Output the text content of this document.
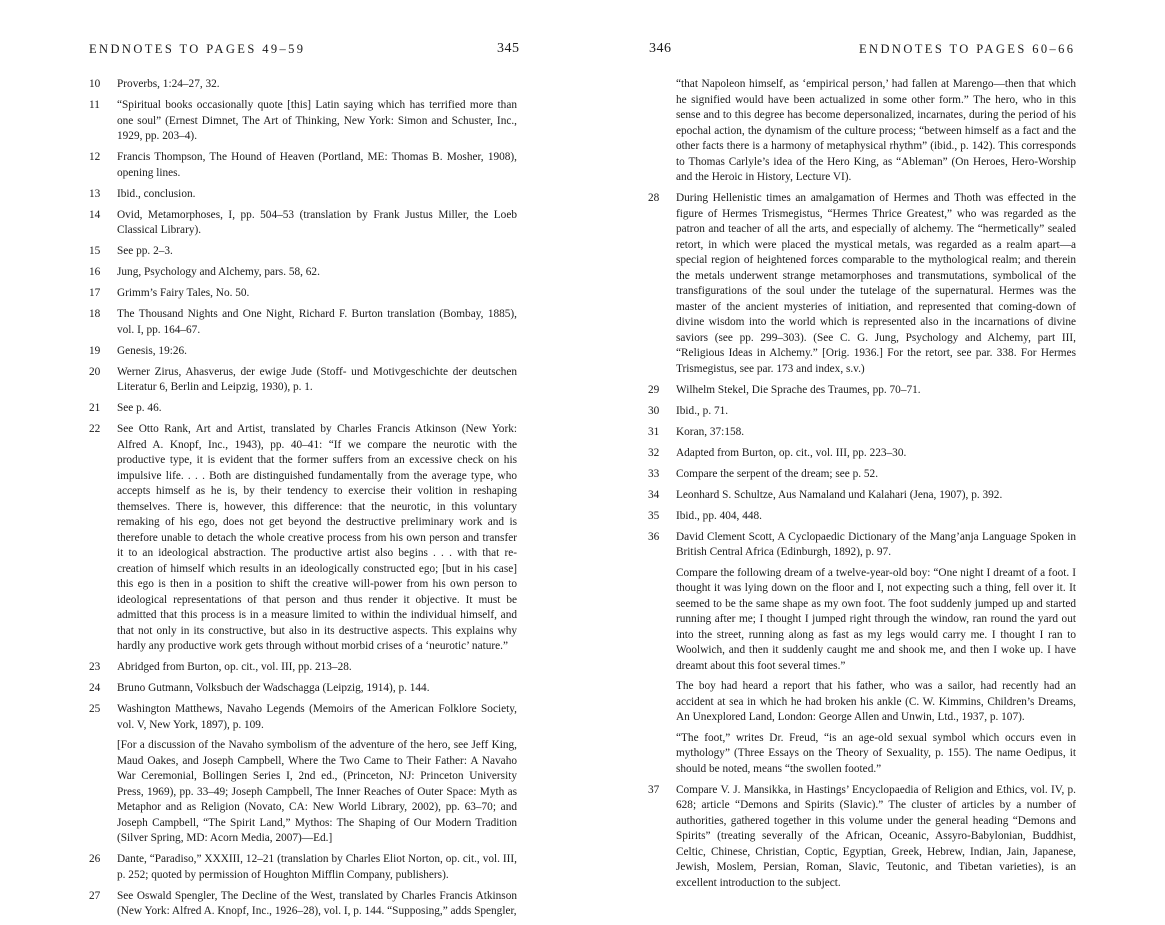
ENDNOTES TO PAGES 49–59	345
10	Proverbs, 1:24–27, 32.

11	“Spiritual books occasionally quote [this] Latin saying which has terrified more than one soul” (Ernest Dimnet, The Art of Thinking, New York: Simon and Schuster, Inc., 1929, pp. 203–4).

12	Francis Thompson, The Hound of Heaven (Portland, ME: Thomas B. Mosher, 1908), opening lines.

13	Ibid., conclusion.

14	Ovid, Metamorphoses, I, pp. 504–53 (translation by Frank Justus Miller, the Loeb Classical Library).

15	See pp. 2–3.

16	Jung, Psychology and Alchemy, pars. 58, 62.

17	Grimm’s Fairy Tales, No. 50.

18	The Thousand Nights and One Night, Richard F. Burton translation (Bombay, 1885), vol. I, pp. 164–67.

19	Genesis, 19:26.

20	Werner Zirus, Ahasverus, der ewige Jude (Stoff- und Motivgeschichte der deutschen Literatur 6, Berlin and Leipzig, 1930), p. 1.

21	See p. 46.

22	See Otto Rank, Art and Artist, translated by Charles Francis Atkinson (New York: Alfred A. Knopf, Inc., 1943), pp. 40–41: “If we compare the neurotic with the productive type, it is evident that the former suffers from an excessive check on his impulsive life. . . . Both are distinguished fundamentally from the average type, who accepts himself as he is, by their tendency to exercise their volition in reshaping themselves. There is, however, this difference: that the neurotic, in this voluntary remaking of his ego, does not get beyond the destructive preliminary work and is therefore unable to detach the whole creative process from his own person and transfer it to an ideological abstraction. The productive artist also begins . . . with that re-creation of himself which results in an ideologically constructed ego; [but in his case] this ego is then in a position to shift the creative will-power from his own person to ideological representations of that person and thus render it objective. It must be admitted that this process is in a measure limited to within the individual himself, and that not only in its constructive, but also in its destructive aspects. This explains why hardly any productive work gets through without morbid crises of a ‘neurotic’ nature.”

23	Abridged from Burton, op. cit., vol. III, pp. 213–28.

24	Bruno Gutmann, Volksbuch der Wadschagga (Leipzig, 1914), p. 144.

25	Washington Matthews, Navaho Legends (Memoirs of the American Folklore Society, vol. V, New York, 1897), p. 109.

[For a discussion of the Navaho symbolism of the adventure of the hero, see Jeff King, Maud Oakes, and Joseph Campbell, Where the Two Came to Their Father: A Navaho War Ceremonial, Bollingen Series I, 2nd ed., (Princeton, NJ: Princeton University Press, 1969), pp. 33–49; Joseph Campbell, The Inner Reaches of Outer Space: Myth as Metaphor and as Religion (Novato, CA: New World Library, 2002), pp. 63–70; and Joseph Campbell, “The Spirit Land,” Mythos: The Shaping of Our Modern Tradition (Silver Spring, MD: Acorn Media, 2007)—Ed.]

26	Dante, “Paradiso,” XXXIII, 12–21 (translation by Charles Eliot Norton, op. cit., vol. III, p. 252; quoted by permission of Houghton Mifflin Company, publishers).

27	See Oswald Spengler, The Decline of the West, translated by Charles Francis Atkinson (New York: Alfred A. Knopf, Inc., 1926–28), vol. I, p. 144. “Supposing,” adds Spengler,

346	ENDNOTES TO PAGES 60–66
“that Napoleon himself, as ‘empirical person,’ had fallen at Marengo—then that which he signified would have been actualized in some other form.” The hero, who in this sense and to this degree has become depersonalized, incarnates, during the period of his epochal action, the dynamism of the culture process; “between himself as a fact and the other facts there is a harmony of metaphysical rhythm” (ibid., p. 142). This corresponds to Thomas Carlyle’s idea of the Hero King, as “Ableman” (On Heroes, Hero-Worship and the Heroic in History, Lecture VI).
28	During Hellenistic times an amalgamation of Hermes and Thoth was effected in the figure of Hermes Trismegistus, “Hermes Thrice Greatest,” who was regarded as the patron and teacher of all the arts, and especially of alchemy. The “hermetically” sealed retort, in which were placed the mystical metals, was regarded as a realm apart—a special region of heightened forces comparable to the mythological realm; and therein the metals underwent strange metamorphoses and transmutations, symbolical of the transfigurations of the soul under the tutelage of the supernatural. Hermes was the master of the ancient mysteries of initiation, and represented that coming-down of divine wisdom into the world which is represented also in the incarnations of divine saviors (see pp. 299–303). (See C. G. Jung, Psychology and Alchemy, part III, “Religious Ideas in Alchemy.” [Orig. 1936.] For the retort, see par. 338. For Hermes Trismegistus, see par. 173 and index, s.v.)

29	Wilhelm Stekel, Die Sprache des Traumes, pp. 70–71.

30	Ibid., p. 71.

31	Koran, 37:158.

32	Adapted from Burton, op. cit., vol. III, pp. 223–30.

33	Compare the serpent of the dream; see p. 52.

34	Leonhard S. Schultze, Aus Namaland und Kalahari (Jena, 1907), p. 392.

35	Ibid., pp. 404, 448.

36	David Clement Scott, A Cyclopaedic Dictionary of the Mang’anja Language Spoken in British Central Africa (Edinburgh, 1892), p. 97.

Compare the following dream of a twelve-year-old boy: “One night I dreamt of a foot. I thought it was lying down on the floor and I, not expecting such a thing, fell over it. It seemed to be the same shape as my own foot. The foot suddenly jumped up and started running after me; I thought I jumped right through the window, ran round the yard out into the street, running along as fast as my legs would carry me. I thought I ran to Woolwich, and then it suddenly caught me and shook me, and then I woke up. I have dreamt about this foot several times.”

The boy had heard a report that his father, who was a sailor, had recently had an accident at sea in which he had broken his ankle (C. W. Kimmins, Children’s Dreams, An Unexplored Land, London: George Allen and Unwin, Ltd., 1937, p. 107).

“The foot,” writes Dr. Freud, “is an age-old sexual symbol which occurs even in mythology” (Three Essays on the Theory of Sexuality, p. 155). The name Oedipus, it should be noted, means “the swollen footed.”

37	Compare V. J. Mansikka, in Hastings’ Encyclopaedia of Religion and Ethics, vol. IV, p. 628; article “Demons and Spirits (Slavic).” The cluster of articles by a number of authorities, gathered together in this volume under the general heading “Demons and Spirits” (treating severally of the African, Oceanic, Assyro-Babylonian, Buddhist, Celtic, Chinese, Christian, Coptic, Egyptian, Greek, Hebrew, Indian, Jain, Japanese, Jewish, Moslem, Persian, Roman, Slavic, Teutonic, and Tibetan varieties), is an excellent introduction to the subject.
